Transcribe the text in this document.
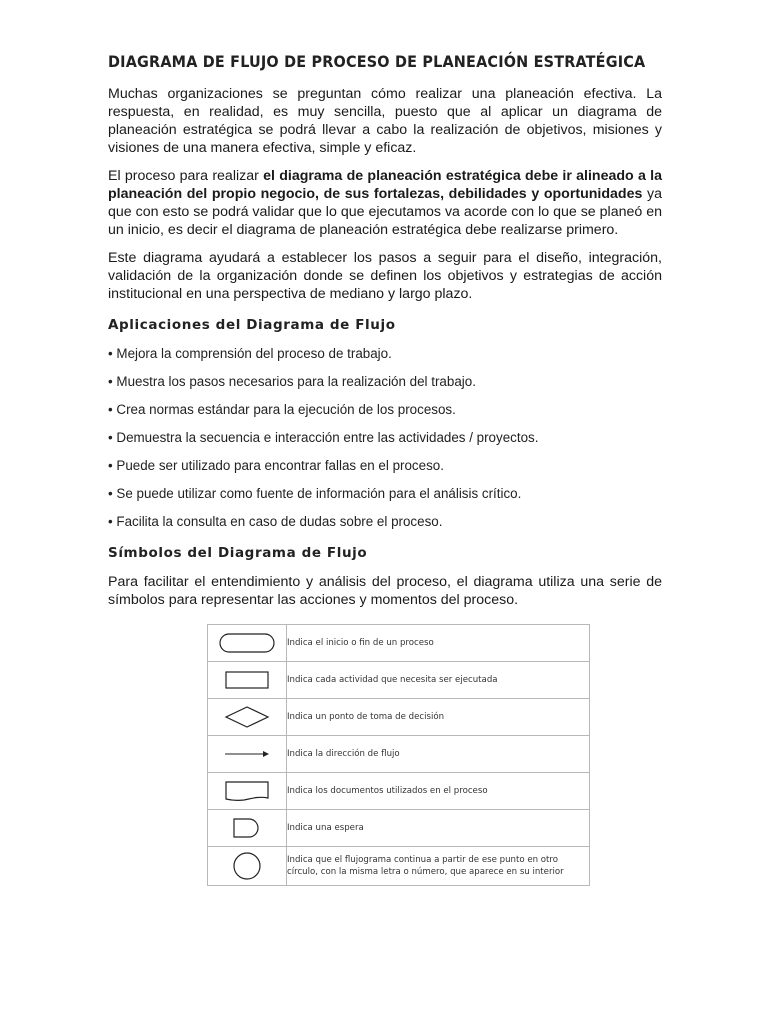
DIAGRAMA DE FLUJO DE PROCESO DE PLANEACIÓN ESTRATÉGICA

Muchas organizaciones se preguntan cómo realizar una planeación efectiva. La respuesta, en realidad, es muy sencilla, puesto que al aplicar un diagrama de planeación estratégica se podrá llevar a cabo la realización de objetivos, misiones y visiones de una manera efectiva, simple y eficaz.

El proceso para realizar el diagrama de planeación estratégica debe ir alineado a la planeación del propio negocio, de sus fortalezas, debilidades y oportunidades ya que con esto se podrá validar que lo que ejecutamos va acorde con lo que se planeó en un inicio, es decir el diagrama de planeación estratégica debe realizarse primero.

Este diagrama ayudará a establecer los pasos a seguir para el diseño, integración, validación de la organización donde se definen los objetivos y estrategias de acción institucional en una perspectiva de mediano y largo plazo.

Aplicaciones del Diagrama de Flujo
• Mejora la comprensión del proceso de trabajo.
• Muestra los pasos necesarios para la realización del trabajo.
• Crea normas estándar para la ejecución de los procesos.
• Demuestra la secuencia e interacción entre las actividades / proyectos.
• Puede ser utilizado para encontrar fallas en el proceso.
• Se puede utilizar como fuente de información para el análisis crítico.
• Facilita la consulta en caso de dudas sobre el proceso.
Símbolos del Diagrama de Flujo

Para facilitar el entendimiento y análisis del proceso, el diagrama utiliza una serie de símbolos para representar las acciones y momentos del proceso.

	Indica el inicio o fin de un proceso

	Indica cada actividad que necesita ser ejecutada

	Indica un ponto de toma de decisión

	Indica la dirección de flujo

	Indica los documentos utilizados en el proceso

	Indica una espera

	Indica que el flujograma continua a partir de ese punto en otro círculo, con la misma letra o número, que aparece en su interior
